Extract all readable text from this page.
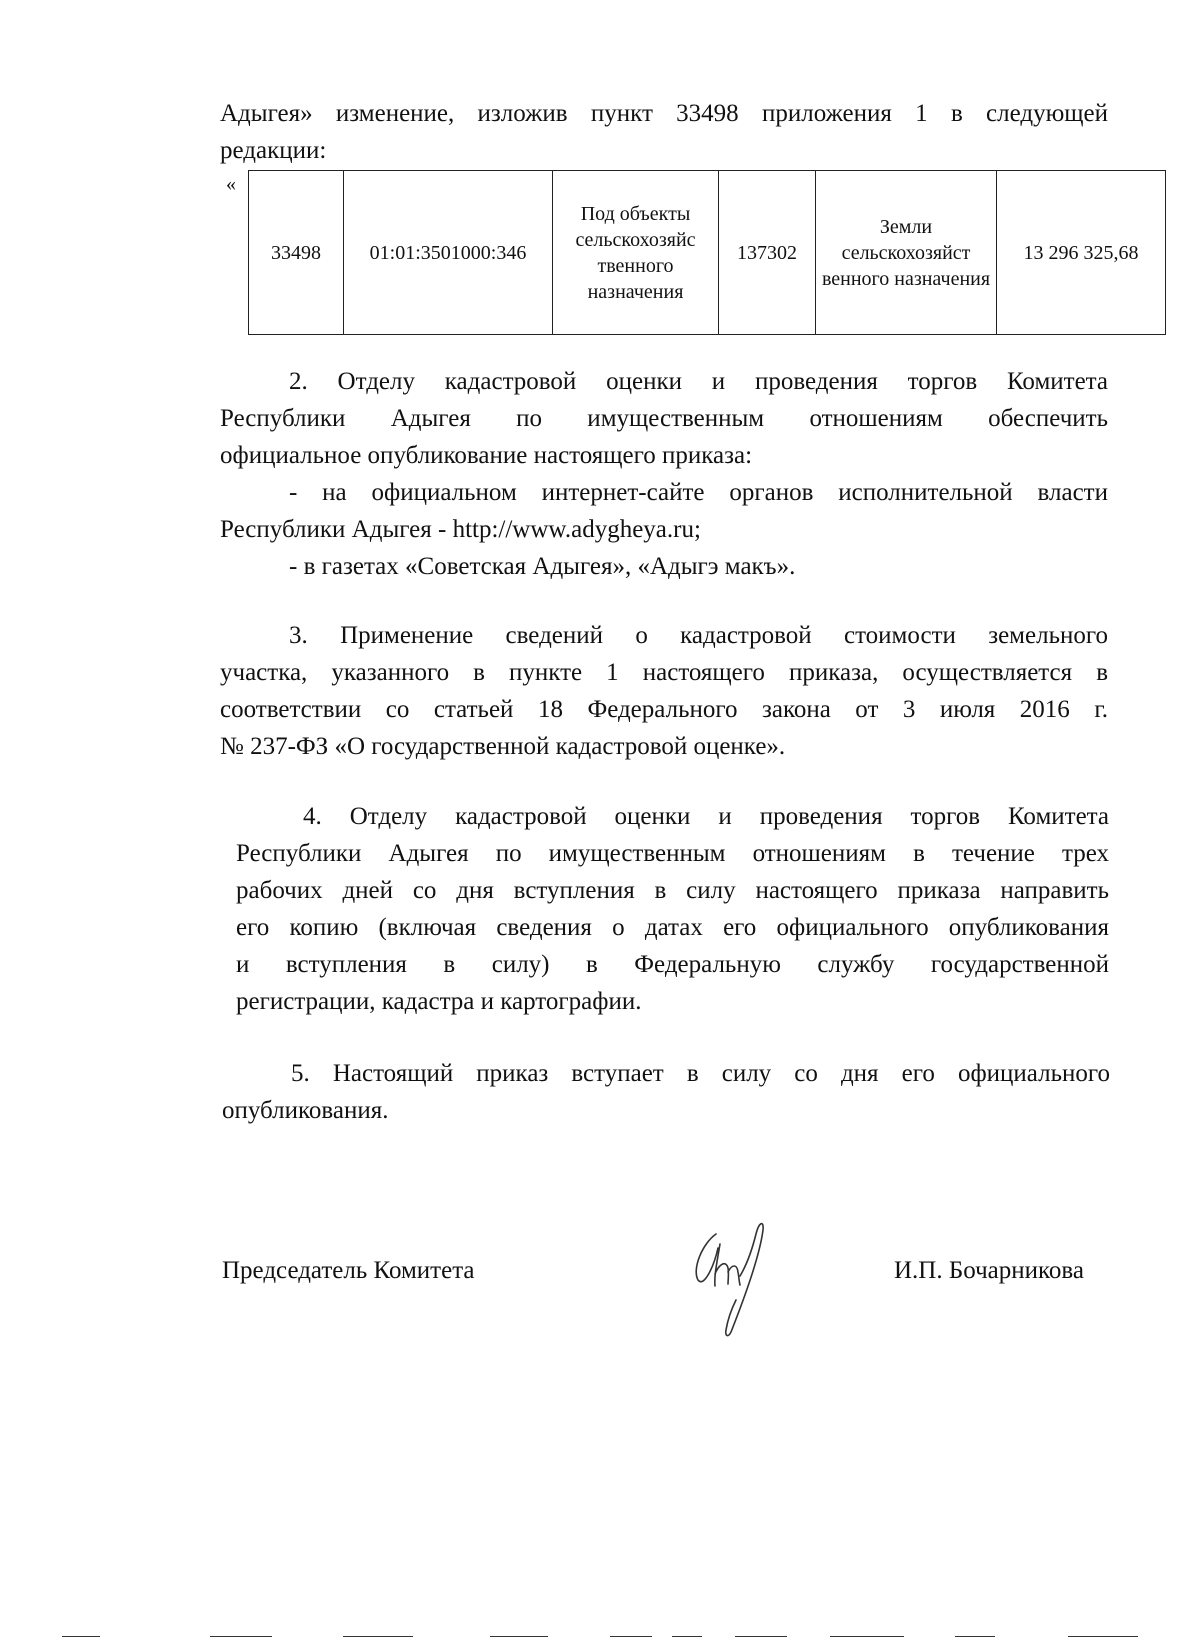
Адыгея» изменение, изложив пункт 33498 приложения 1 в следующей
редакции:
«
33498	01:01:3501000:346	Под объекты сельскохозяйс твенного назначения	137302	Земли сельскохозяйст венного назначения	13 296 325,68
2. Отделу кадастровой оценки и проведения торгов Комитета
Республики Адыгея по имущественным отношениям обеспечить
официальное опубликование настоящего приказа:
- на официальном интернет-сайте органов исполнительной власти
Республики Адыгея - http://www.adygheya.ru;
- в газетах «Советская Адыгея», «Адыгэ макъ».
3. Применение сведений о кадастровой стоимости земельного
участка, указанного в пункте 1 настоящего приказа, осуществляется в
соответствии со статьей 18 Федерального закона от 3 июля 2016 г.
№ 237-ФЗ «О государственной кадастровой оценке».
4. Отделу кадастровой оценки и проведения торгов Комитета
Республики Адыгея по имущественным отношениям в течение трех
рабочих дней со дня вступления в силу настоящего приказа направить
его копию (включая сведения о датах его официального опубликования
и вступления в силу) в Федеральную службу государственной
регистрации, кадастра и картографии.
5. Настоящий приказ вступает в силу со дня его официального
опубликования.
Председатель Комитета	И.П. Бочарникова
